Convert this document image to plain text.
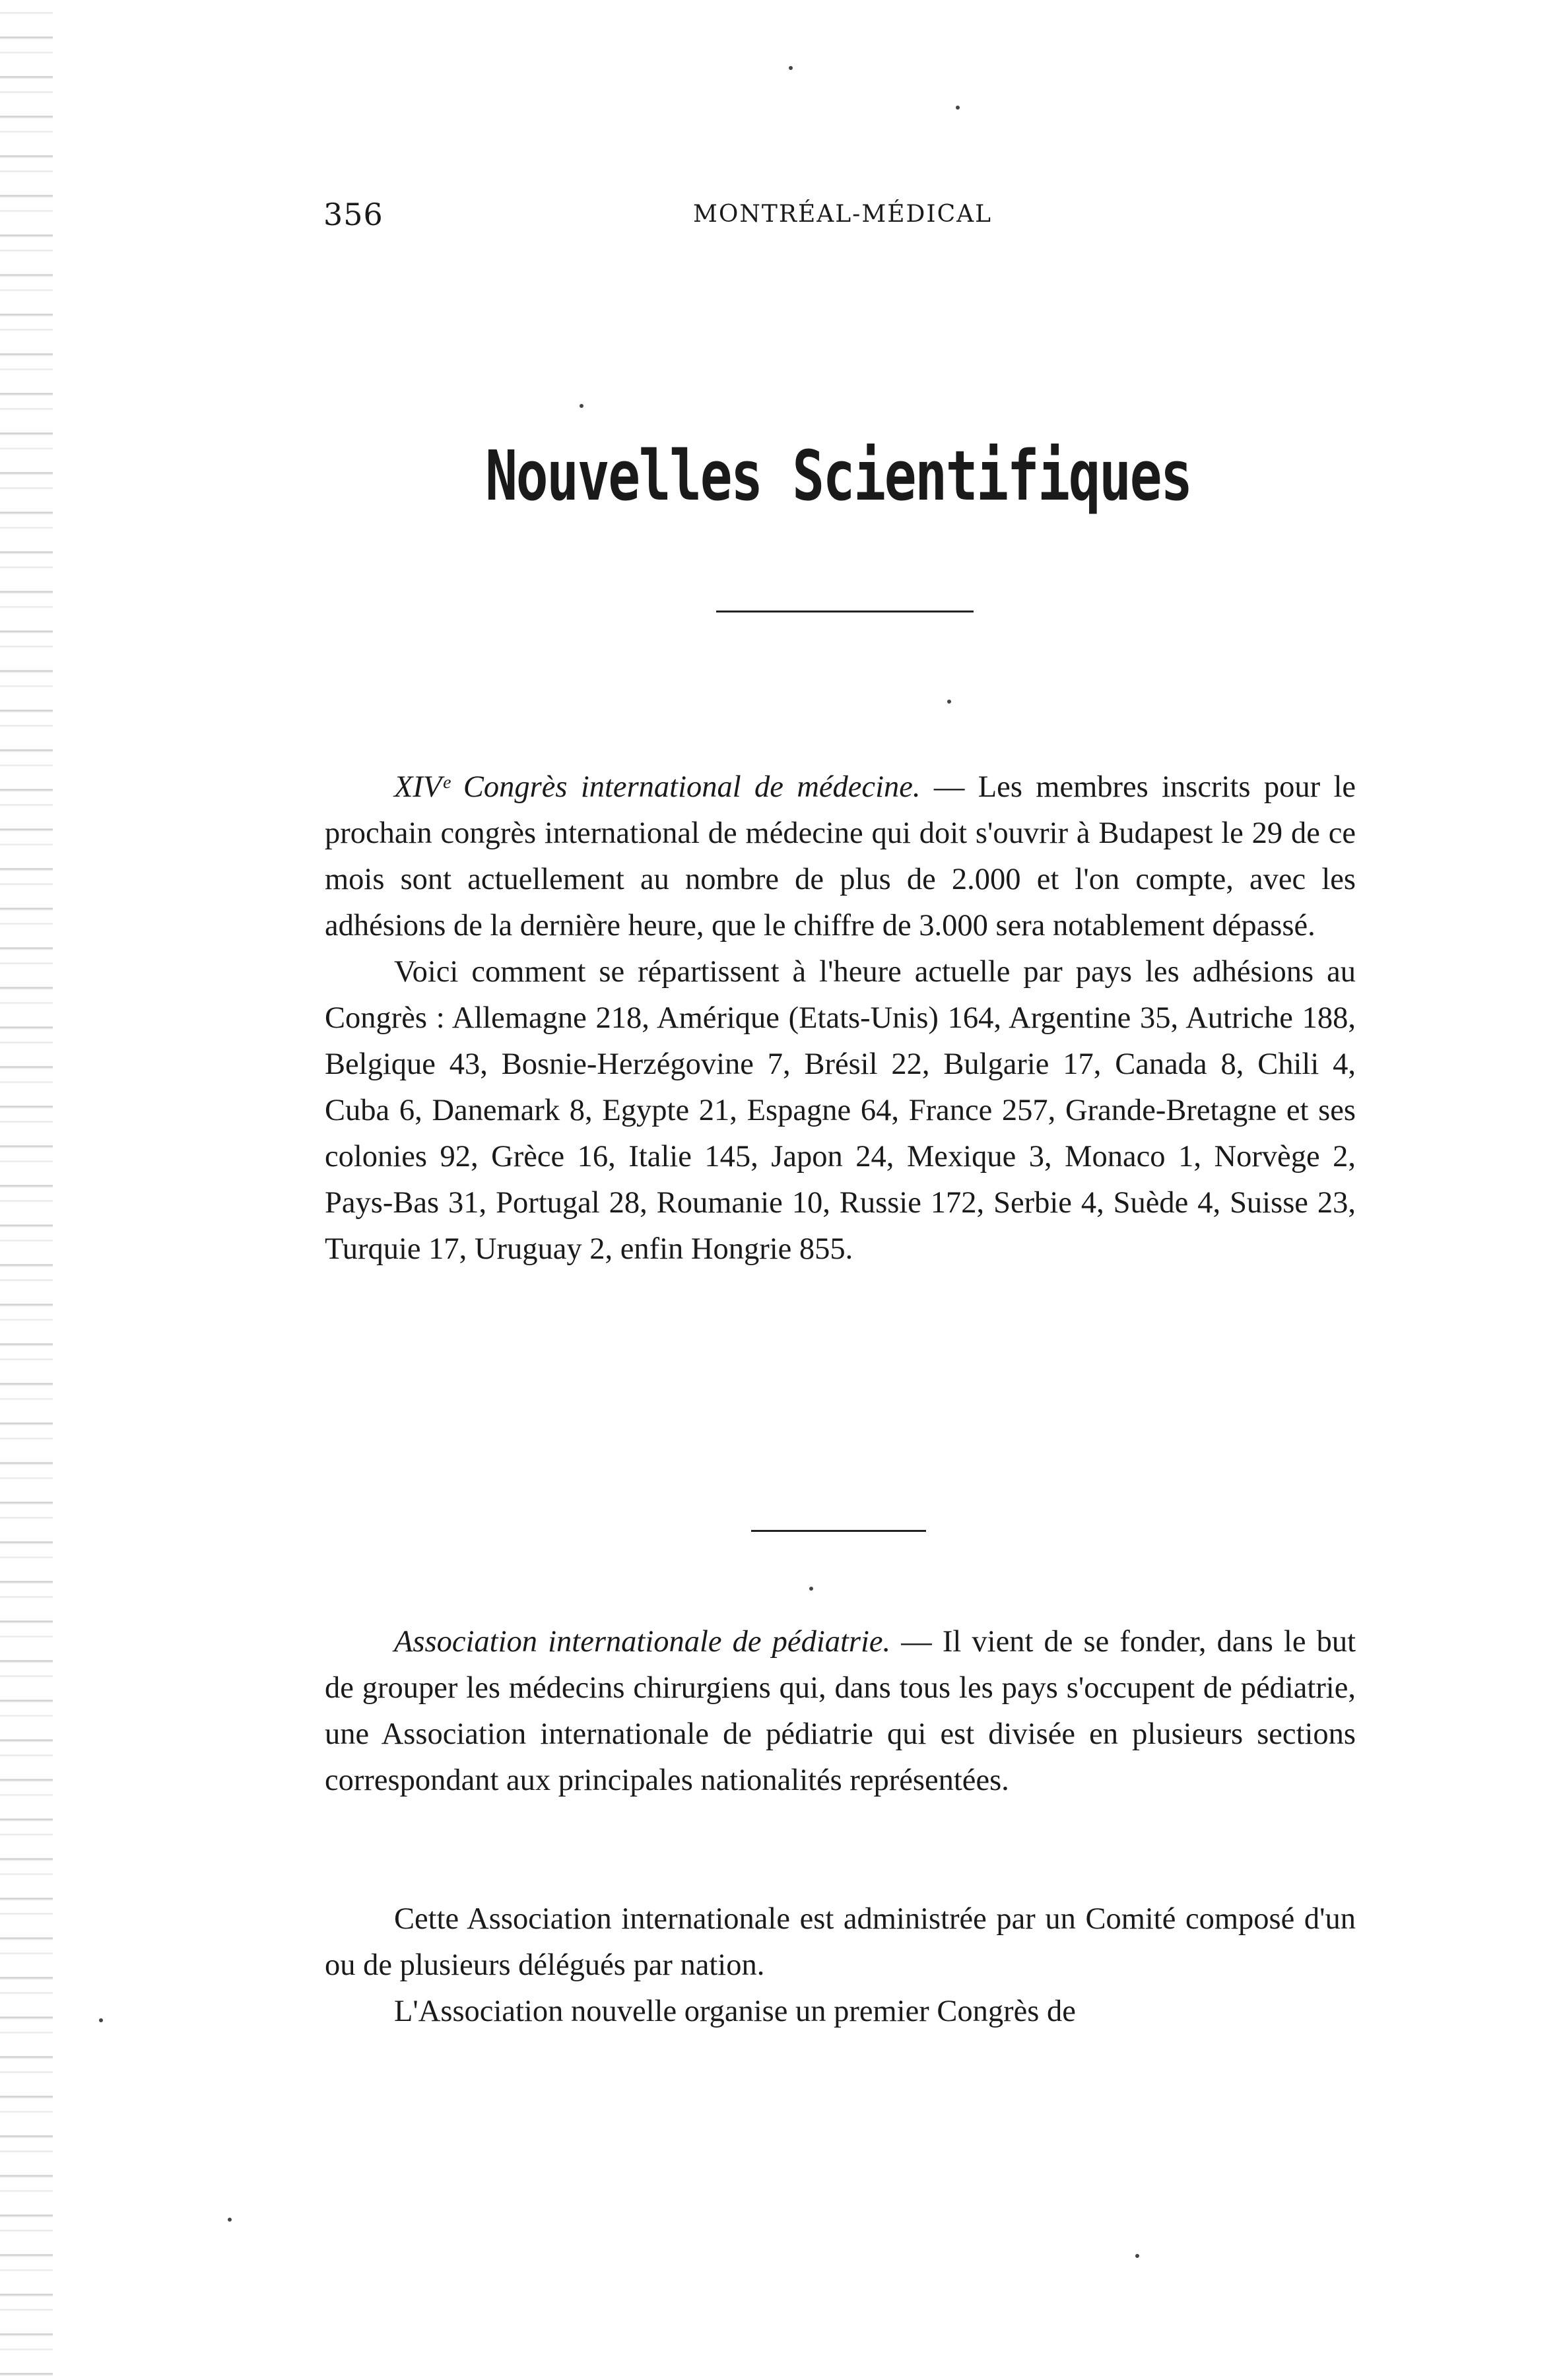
356	MONTRÉAL-MÉDICAL
Nouvelles Scientifiques

XIVᵉ Congrès international de médecine. — Les membres inscrits pour le prochain congrès international de médecine qui doit s'ouvrir à Budapest le 29 de ce mois sont actuellement au nombre de plus de 2.000 et l'on compte, avec les adhésions de la dernière heure, que le chiffre de 3.000 sera notablement dépassé.

Voici comment se répartissent à l'heure actuelle par pays les adhésions au Congrès : Allemagne 218, Amérique (Etats-Unis) 164, Argentine 35, Autriche 188, Belgique 43, Bosnie-Herzégovine 7, Brésil 22, Bulgarie 17, Canada 8, Chili 4, Cuba 6, Danemark 8, Egypte 21, Espagne 64, France 257, Grande-Bretagne et ses colonies 92, Grèce 16, Italie 145, Japon 24, Mexique 3, Monaco 1, Norvège 2, Pays-Bas 31, Portugal 28, Roumanie 10, Russie 172, Serbie 4, Suède 4, Suisse 23, Turquie 17, Uruguay 2, enfin Hongrie 855.

Association internationale de pédiatrie. — Il vient de se fonder, dans le but de grouper les médecins chirurgiens qui, dans tous les pays s'occupent de pédiatrie, une Association internationale de pédiatrie qui est divisée en plusieurs sections correspondant aux principales nationalités représentées.

Cette Association internationale est administrée par un Comité composé d'un ou de plusieurs délégués par nation.

L'Association nouvelle organise un premier Congrès de
